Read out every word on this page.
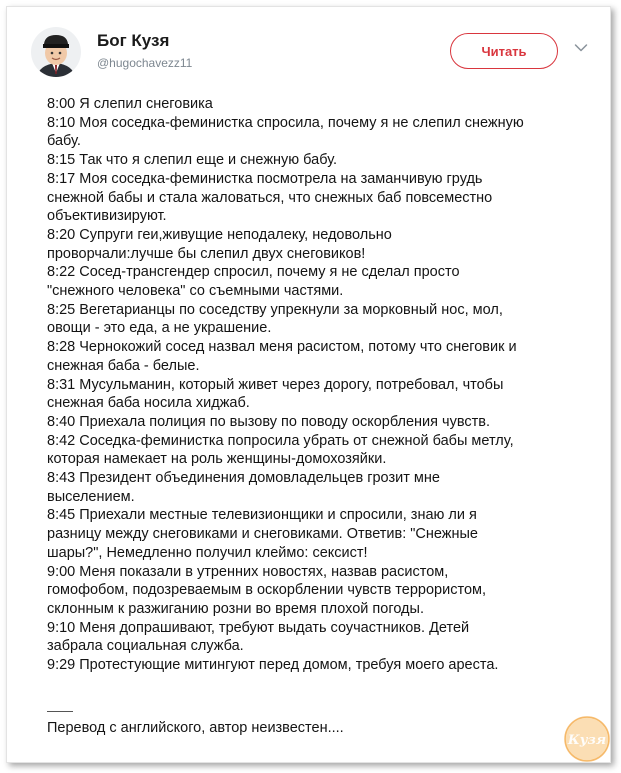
Бог Кузя
@hugochavezz11
Читать
8:00 Я слепил снеговика
8:10 Моя соседка-феминистка спросила, почему я не слепил снежную
бабу.
8:15 Так что я слепил еще и снежную бабу.
8:17 Моя соседка-феминистка посмотрела на заманчивую грудь
снежной бабы и стала жаловаться, что снежных баб повсеместно
объективизируют.
8:20 Супруги геи,живущие неподалеку, недовольно
проворчали:лучше бы слепил двух снеговиков!
8:22 Сосед-трансгендер спросил, почему я не сделал просто
"снежного человека" со съемными частями.
8:25 Вегетарианцы по соседству упрекнули за морковный нос, мол,
овощи - это еда, а не украшение.
8:28 Чернокожий сосед назвал меня расистом, потому что снеговик и
снежная баба - белые.
8:31 Мусульманин, который живет через дорогу, потребовал, чтобы
снежная баба носила хиджаб.
8:40 Приехала полиция по вызову по поводу оскорбления чувств.
8:42 Соседка-феминистка попросила убрать от снежной бабы метлу,
которая намекает на роль женщины-домохозяйки.
8:43 Президент объединения домовладельцев грозит мне
выселением.
8:45 Приехали местные телевизионщики и спросили, знаю ли я
разницу между снеговиками и снеговиками. Ответив: "Снежные
шары?", Немедленно получил клеймо: сексист!
9:00 Меня показали в утренних новостях, назвав расистом,
гомофобом, подозреваемым в оскорблении чувств террористом,
склонным к разжиганию розни во время плохой погоды.
9:10 Меня допрашивают, требуют выдать соучастников. Детей
забрала социальная служба.
9:29 Протестующие митингуют перед домом, требуя моего ареста.
Перевод с английского, автор неизвестен....
Кузя
